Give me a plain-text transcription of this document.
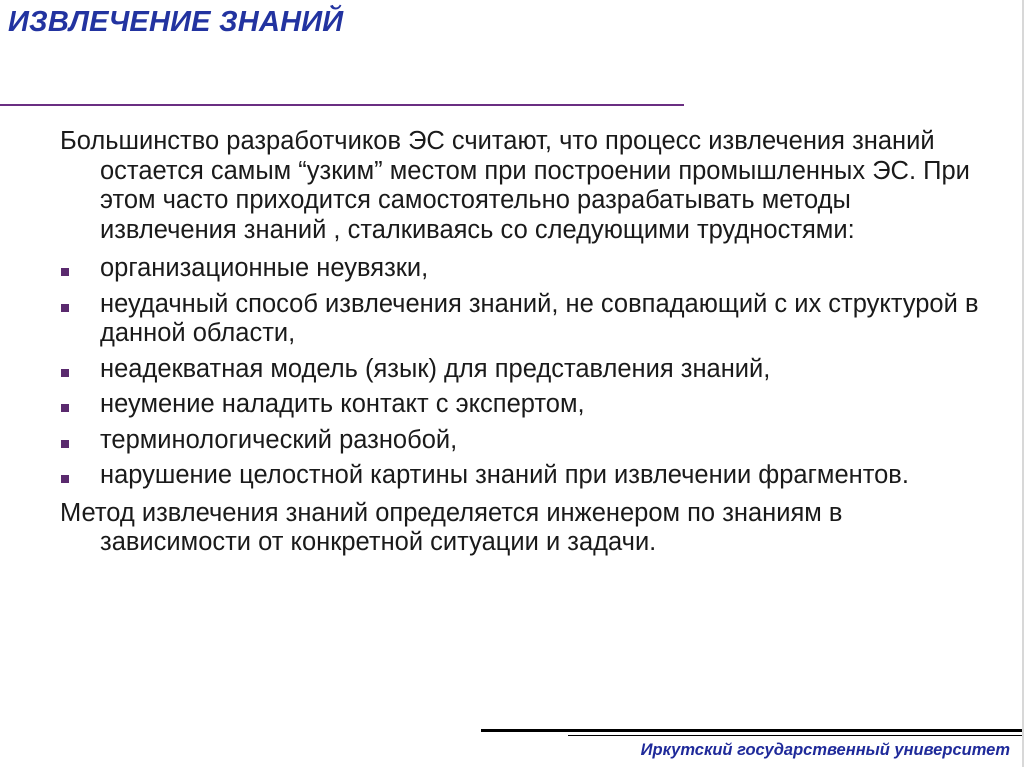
ИЗВЛЕЧЕНИЕ ЗНАНИЙ

Большинство разработчиков ЭС считают, что процесс извлечения знаний остается самым “узким” местом при построении промышленных ЭС. При этом часто приходится самостоятельно разрабатывать методы извлечения знаний , сталкиваясь со следующими трудностями:

организационные неувязки,
неудачный способ извлечения знаний, не совпадающий с их структурой в данной области,
неадекватная модель (язык) для представления знаний,
неумение наладить контакт с экспертом,
терминологический разнобой,
нарушение целостной картины знаний при извлечении фрагментов.

Метод извлечения знаний определяется инженером по знаниям в зависимости от конкретной ситуации и задачи.

Иркутский государственный университет
